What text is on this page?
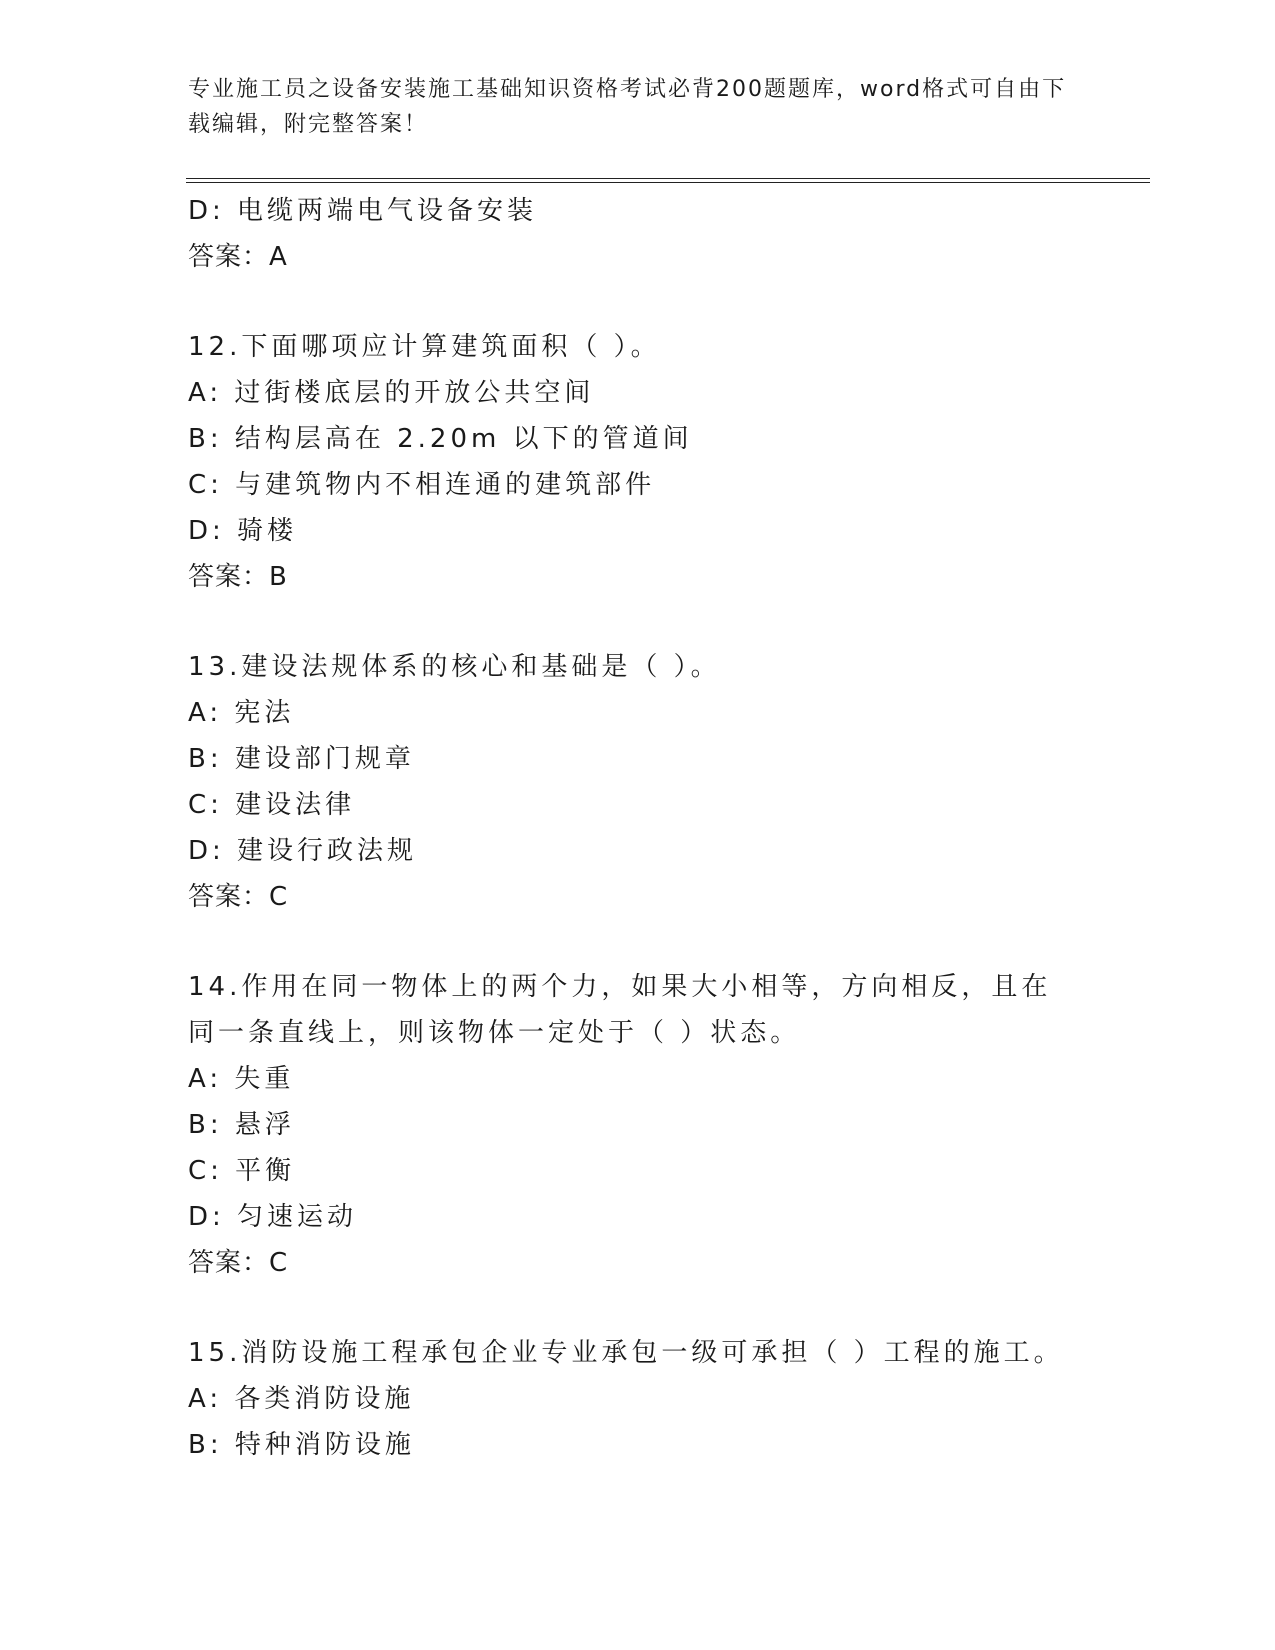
专业施工员之设备安装施工基础知识资格考试必背200题题库，word格式可自由下载编辑，附完整答案！
D: 电缆两端电气设备安装
答案：A
12.下面哪项应计算建筑面积（ ）。
A: 过街楼底层的开放公共空间
B: 结构层高在 2.20m 以下的管道间
C: 与建筑物内不相连通的建筑部件
D: 骑楼
答案：B
13.建设法规体系的核心和基础是（ ）。
A: 宪法
B: 建设部门规章
C: 建设法律
D: 建设行政法规
答案：C
14.作用在同一物体上的两个力，如果大小相等，方向相反，且在同一条直线上，则该物体一定处于（ ）状态。
A: 失重
B: 悬浮
C: 平衡
D: 匀速运动
答案：C
15.消防设施工程承包企业专业承包一级可承担（ ）工程的施工。
A: 各类消防设施
B: 特种消防设施
